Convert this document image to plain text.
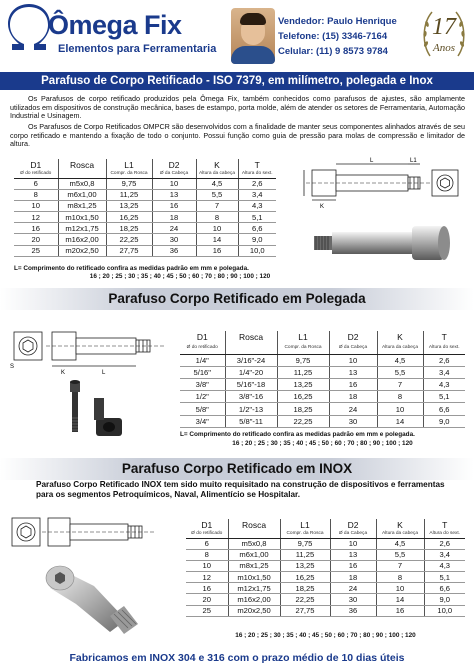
Ômega Fix
Elementos para Ferramentaria
Vendedor: Paulo Henrique
Telefone: (15) 3346-7164
Celular: (11) 9 8573 9784
17
Anos
Parafuso de Corpo Retificado - ISO 7379, em milímetro, polegada e Inox
Os Parafusos de corpo retificado produzidos pela Ômega Fix, também conhecidos como parafusos de ajustes, são amplamente utilizados em dispositivos de construção mecânica, bases de estampo, porta molde, além de atender os setores de Ferramentaria, Automação Industrial e Usinagem.
Os Parafusos de Corpo Retificados OMPCR são desenvolvidos com a finalidade de manter seus componentes alinhados através de seu corpo retificado e mantendo a fixação de todo o conjunto. Possui função como guia de pressão para molas de compressão e limitador de altura.
D1	Rosca	L1	D2	K	T
Ø do retificado		Compr. da Rosca	Ø da Cabeça	Altura da cabeça	Altura do sext.
6	m5x0,8	9,75	10	4,5	2,6
8	m6x1,00	11,25	13	5,5	3,4
10	m8x1,25	13,25	16	7	4,3
12	m10x1,50	16,25	18	8	5,1
16	m12x1,75	18,25	24	10	6,6
20	m16x2,00	22,25	30	14	9,0
25	m20x2,50	27,75	36	16	10,0
L= Comprimento do retificado confira as medidas padrão em mm e polegada.
16 ; 20 ; 25 ; 30 ; 35 ; 40 ; 45 ; 50 ; 60 ; 70 ; 80 ; 90 ; 100 ; 120
L	L1
K
Parafuso Corpo Retificado em Polegada
S
K	L
D1	Rosca	L1	D2	K	T
Ø do retificado		Compr. da Rosca	Ø da Cabeça	Altura da cabeça	Altura do sext.
1/4"	3/16"-24	9,75	10	4,5	2,6
5/16"	1/4"-20	11,25	13	5,5	3,4
3/8"	5/16"-18	13,25	16	7	4,3
1/2"	3/8"-16	16,25	18	8	5,1
5/8"	1/2"-13	18,25	24	10	6,6
3/4"	5/8"-11	22,25	30	14	9,0
L= Comprimento do retificado confira as medidas padrão em mm e polegada.
16 ; 20 ; 25 ; 30 ; 35 ; 40 ; 45 ; 50 ; 60 ; 70 ; 80 ; 90 ; 100 ; 120
Parafuso Corpo Retificado em INOX
Parafuso Corpo Retificado INOX tem sido muito requisitado na construção de dispositivos e ferramentas para os segmentos Petroquímicos, Naval, Alimentício se Hospitalar.
D1	Rosca	L1	D2	K	T
Ø do retificado		Compr. da Rosca	Ø da Cabeça	Altura da cabeça	Altura do sext.
6	m5x0,8	9,75	10	4,5	2,6
8	m6x1,00	11,25	13	5,5	3,4
10	m8x1,25	13,25	16	7	4,3
12	m10x1,50	16,25	18	8	5,1
16	m12x1,75	18,25	24	10	6,6
20	m16x2,00	22,25	30	14	9,0
25	m20x2,50	27,75	36	16	10,0
16 ; 20 ; 25 ; 30 ; 35 ; 40 ; 45 ; 50 ; 60 ; 70 ; 80 ; 90 ; 100 ; 120
Fabricamos em INOX 304 e 316 com o prazo médio de 10 dias úteis
